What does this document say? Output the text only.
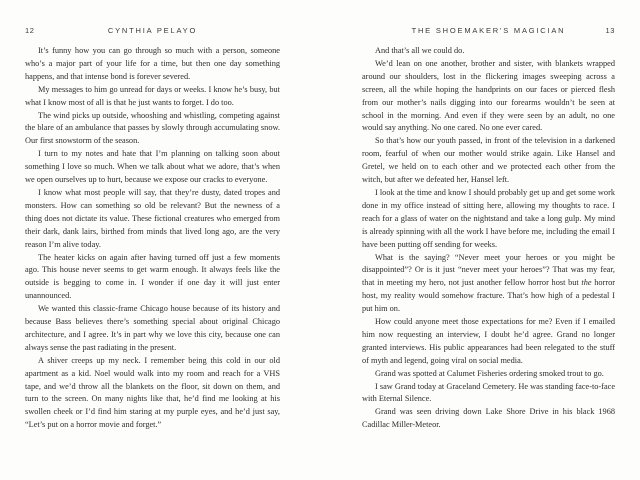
12	CYNTHIA PELAYO

It’s funny how you can go through so much with a person, someone who’s a major part of your life for a time, but then one day something happens, and that intense bond is forever severed.

My messages to him go unread for days or weeks. I know he’s busy, but what I know most of all is that he just wants to forget. I do too.

The wind picks up outside, whooshing and whistling, competing against the blare of an ambulance that passes by slowly through accumulating snow. Our first snowstorm of the season.

I turn to my notes and hate that I’m planning on talking soon about something I love so much. When we talk about what we adore, that’s when we open ourselves up to hurt, because we expose our cracks to everyone.

I know what most people will say, that they’re dusty, dated tropes and monsters. How can something so old be relevant? But the newness of a thing does not dictate its value. These fictional creatures who emerged from their dark, dank lairs, birthed from minds that lived long ago, are the very reason I’m alive today.

The heater kicks on again after having turned off just a few moments ago. This house never seems to get warm enough. It always feels like the outside is begging to come in. I wonder if one day it will just enter unannounced.

We wanted this classic-frame Chicago house because of its history and because Bass believes there’s something special about original Chicago architecture, and I agree. It’s in part why we love this city, because one can always sense the past radiating in the present.

A shiver creeps up my neck. I remember being this cold in our old apartment as a kid. Noel would walk into my room and reach for a VHS tape, and we’d throw all the blankets on the floor, sit down on them, and turn to the screen. On many nights like that, he’d find me looking at his swollen cheek or I’d find him staring at my purple eyes, and he’d just say, “Let’s put on a horror movie and forget.”

THE SHOEMAKER'S MAGICIAN	13

And that’s all we could do.

We’d lean on one another, brother and sister, with blankets wrapped around our shoulders, lost in the flickering images sweeping across a screen, all the while hoping the handprints on our faces or pierced flesh from our mother’s nails digging into our forearms wouldn’t be seen at school in the morning. And even if they were seen by an adult, no one would say anything. No one cared. No one ever cared.

So that’s how our youth passed, in front of the television in a darkened room, fearful of when our mother would strike again. Like Hansel and Gretel, we held on to each other and we protected each other from the witch, but after we defeated her, Hansel left.

I look at the time and know I should probably get up and get some work done in my office instead of sitting here, allowing my thoughts to race. I reach for a glass of water on the nightstand and take a long gulp. My mind is already spinning with all the work I have before me, including the email I have been putting off sending for weeks.

What is the saying? “Never meet your heroes or you might be disappointed”? Or is it just “never meet your heroes”? That was my fear, that in meeting my hero, not just another fellow horror host but the horror host, my reality would somehow fracture. That’s how high of a pedestal I put him on.

How could anyone meet those expectations for me? Even if I emailed him now requesting an interview, I doubt he’d agree. Grand no longer granted interviews. His public appearances had been relegated to the stuff of myth and legend, going viral on social media.

Grand was spotted at Calumet Fisheries ordering smoked trout to go.

I saw Grand today at Graceland Cemetery. He was standing face-to-face with Eternal Silence.

Grand was seen driving down Lake Shore Drive in his black 1968 Cadillac Miller-Meteor.
